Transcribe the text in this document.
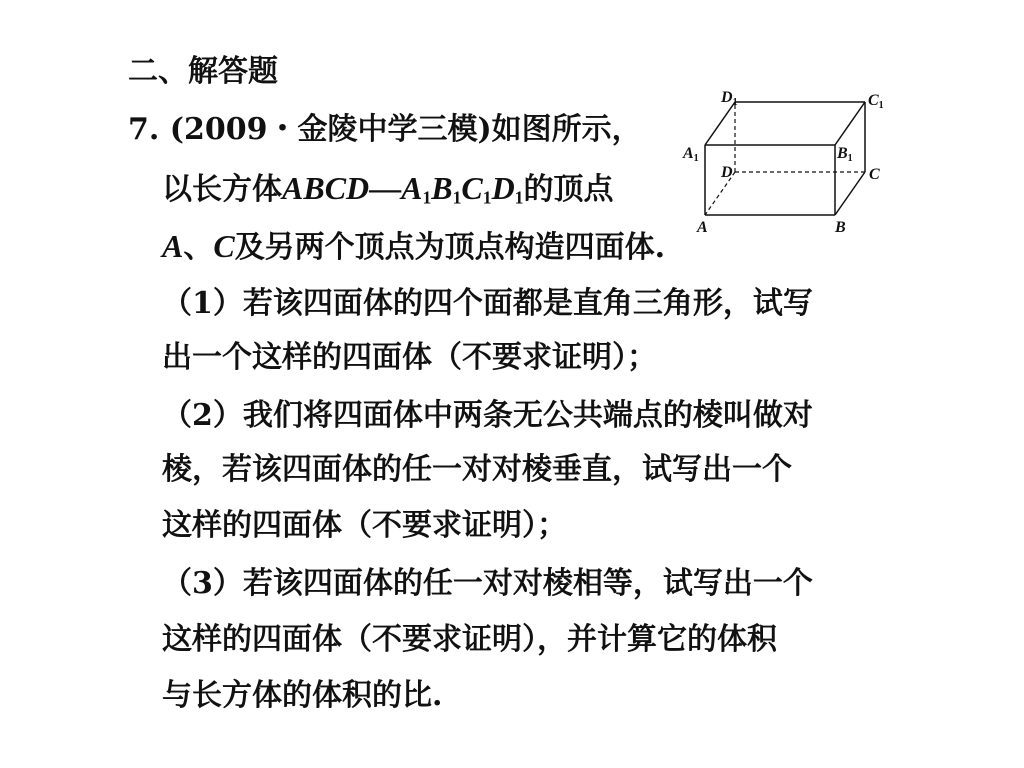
二、解答题
7. (2009・金陵中学三模)如图所示，
以长方体$ABCD—A_1B_1C_1D_1$的顶点
A、C及另两个顶点为顶点构造四面体.
（1）若该四面体的四个面都是直角三角形，试写
出一个这样的四面体（不要求证明）；
（2）我们将四面体中两条无公共端点的棱叫做对
棱，若该四面体的任一对对棱垂直，试写出一个
这样的四面体（不要求证明）；
（3）若该四面体的任一对对棱相等，试写出一个
这样的四面体（不要求证明），并计算它的体积
与长方体的体积的比.
D1	C1
A1	B1
D	C
A	B
